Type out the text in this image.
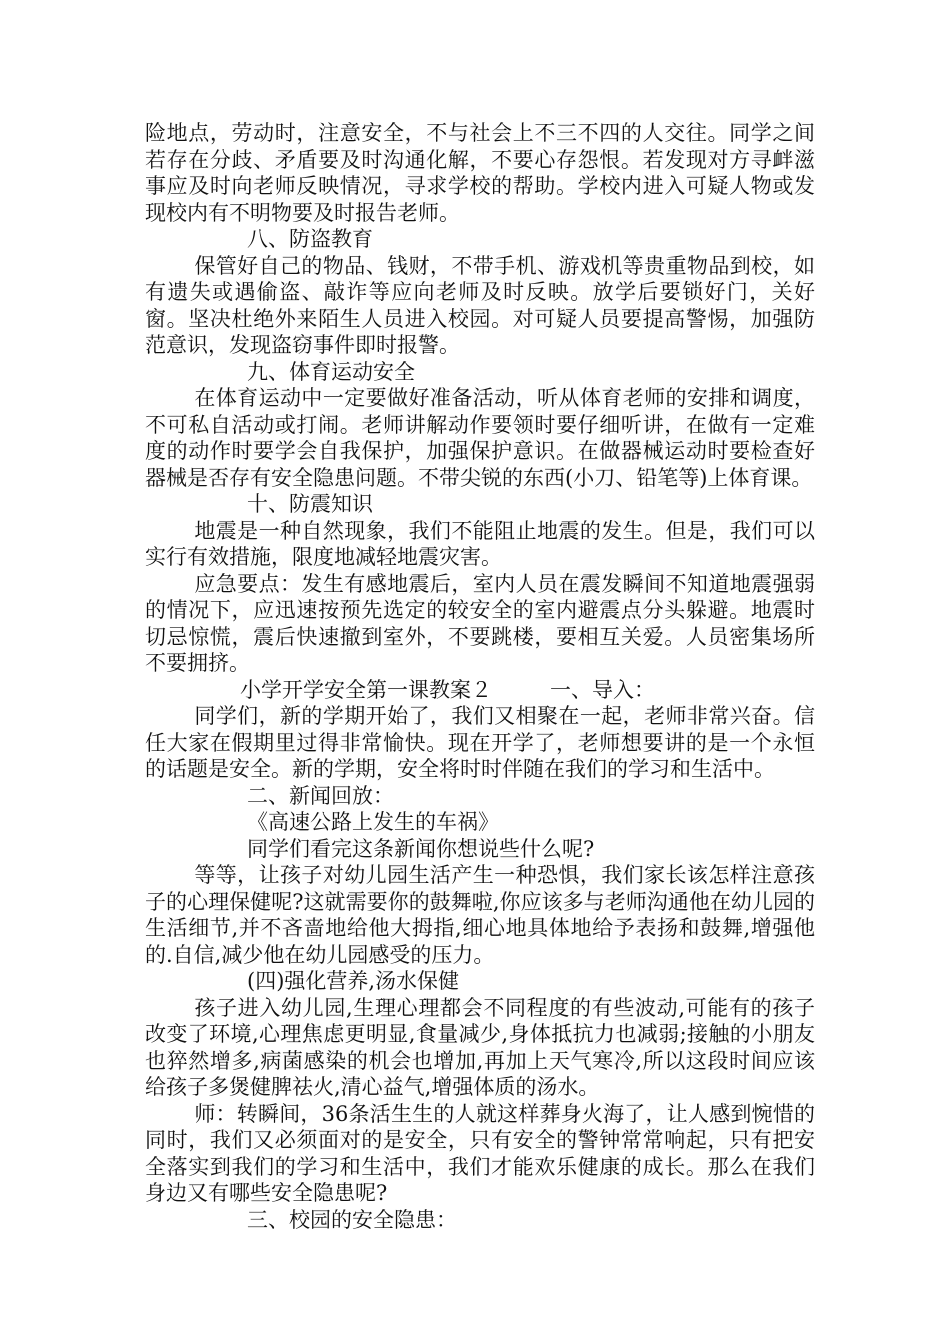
险地点，劳动时，注意安全，不与社会上不三不四的人交往。同学之间若存在分歧、矛盾要及时沟通化解，不要心存怨恨。若发现对方寻衅滋事应及时向老师反映情况，寻求学校的帮助。学校内进入可疑人物或发现校内有不明物要及时报告老师。

八、防盗教育

保管好自己的物品、钱财，不带手机、游戏机等贵重物品到校，如有遗失或遇偷盗、敲诈等应向老师及时反映。放学后要锁好门，关好窗。坚决杜绝外来陌生人员进入校园。对可疑人员要提高警惕，加强防范意识，发现盗窃事件即时报警。

九、体育运动安全

在体育运动中一定要做好准备活动，听从体育老师的安排和调度，不可私自活动或打闹。老师讲解动作要领时要仔细听讲，在做有一定难度的动作时要学会自我保护，加强保护意识。在做器械运动时要检查好器械是否存有安全隐患问题。不带尖锐的东西(小刀、铅笔等)上体育课。

十、防震知识

地震是一种自然现象，我们不能阻止地震的发生。但是，我们可以实行有效措施，限度地减轻地震灾害。

应急要点：发生有感地震后，室内人员在震发瞬间不知道地震强弱的情况下，应迅速按预先选定的较安全的室内避震点分头躲避。地震时切忌惊慌，震后快速撤到室外，不要跳楼，要相互关爱。人员密集场所不要拥挤。

小学开学安全第一课教案２	一、导入：

同学们，新的学期开始了，我们又相聚在一起，老师非常兴奋。信任大家在假期里过得非常愉快。现在开学了，老师想要讲的是一个永恒的话题是安全。新的学期，安全将时时伴随在我们的学习和生活中。

二、新闻回放：

《高速公路上发生的车祸》

同学们看完这条新闻你想说些什么呢?

等等，让孩子对幼儿园生活产生一种恐惧，我们家长该怎样注意孩子的心理保健呢?这就需要你的鼓舞啦,你应该多与老师沟通他在幼儿园的生活细节,并不吝啬地给他大拇指,细心地具体地给予表扬和鼓舞,增强他的.自信,减少他在幼儿园感受的压力。

(四)强化营养,汤水保健

孩子进入幼儿园,生理心理都会不同程度的有些波动,可能有的孩子改变了环境,心理焦虑更明显,食量减少,身体抵抗力也减弱;接触的小朋友也猝然增多,病菌感染的机会也增加,再加上天气寒冷,所以这段时间应该给孩子多煲健脾祛火,清心益气,增强体质的汤水。

师：转瞬间，36条活生生的人就这样葬身火海了，让人感到惋惜的同时，我们又必须面对的是安全，只有安全的警钟常常响起，只有把安全落实到我们的学习和生活中，我们才能欢乐健康的成长。那么在我们身边又有哪些安全隐患呢?

三、校园的安全隐患：
